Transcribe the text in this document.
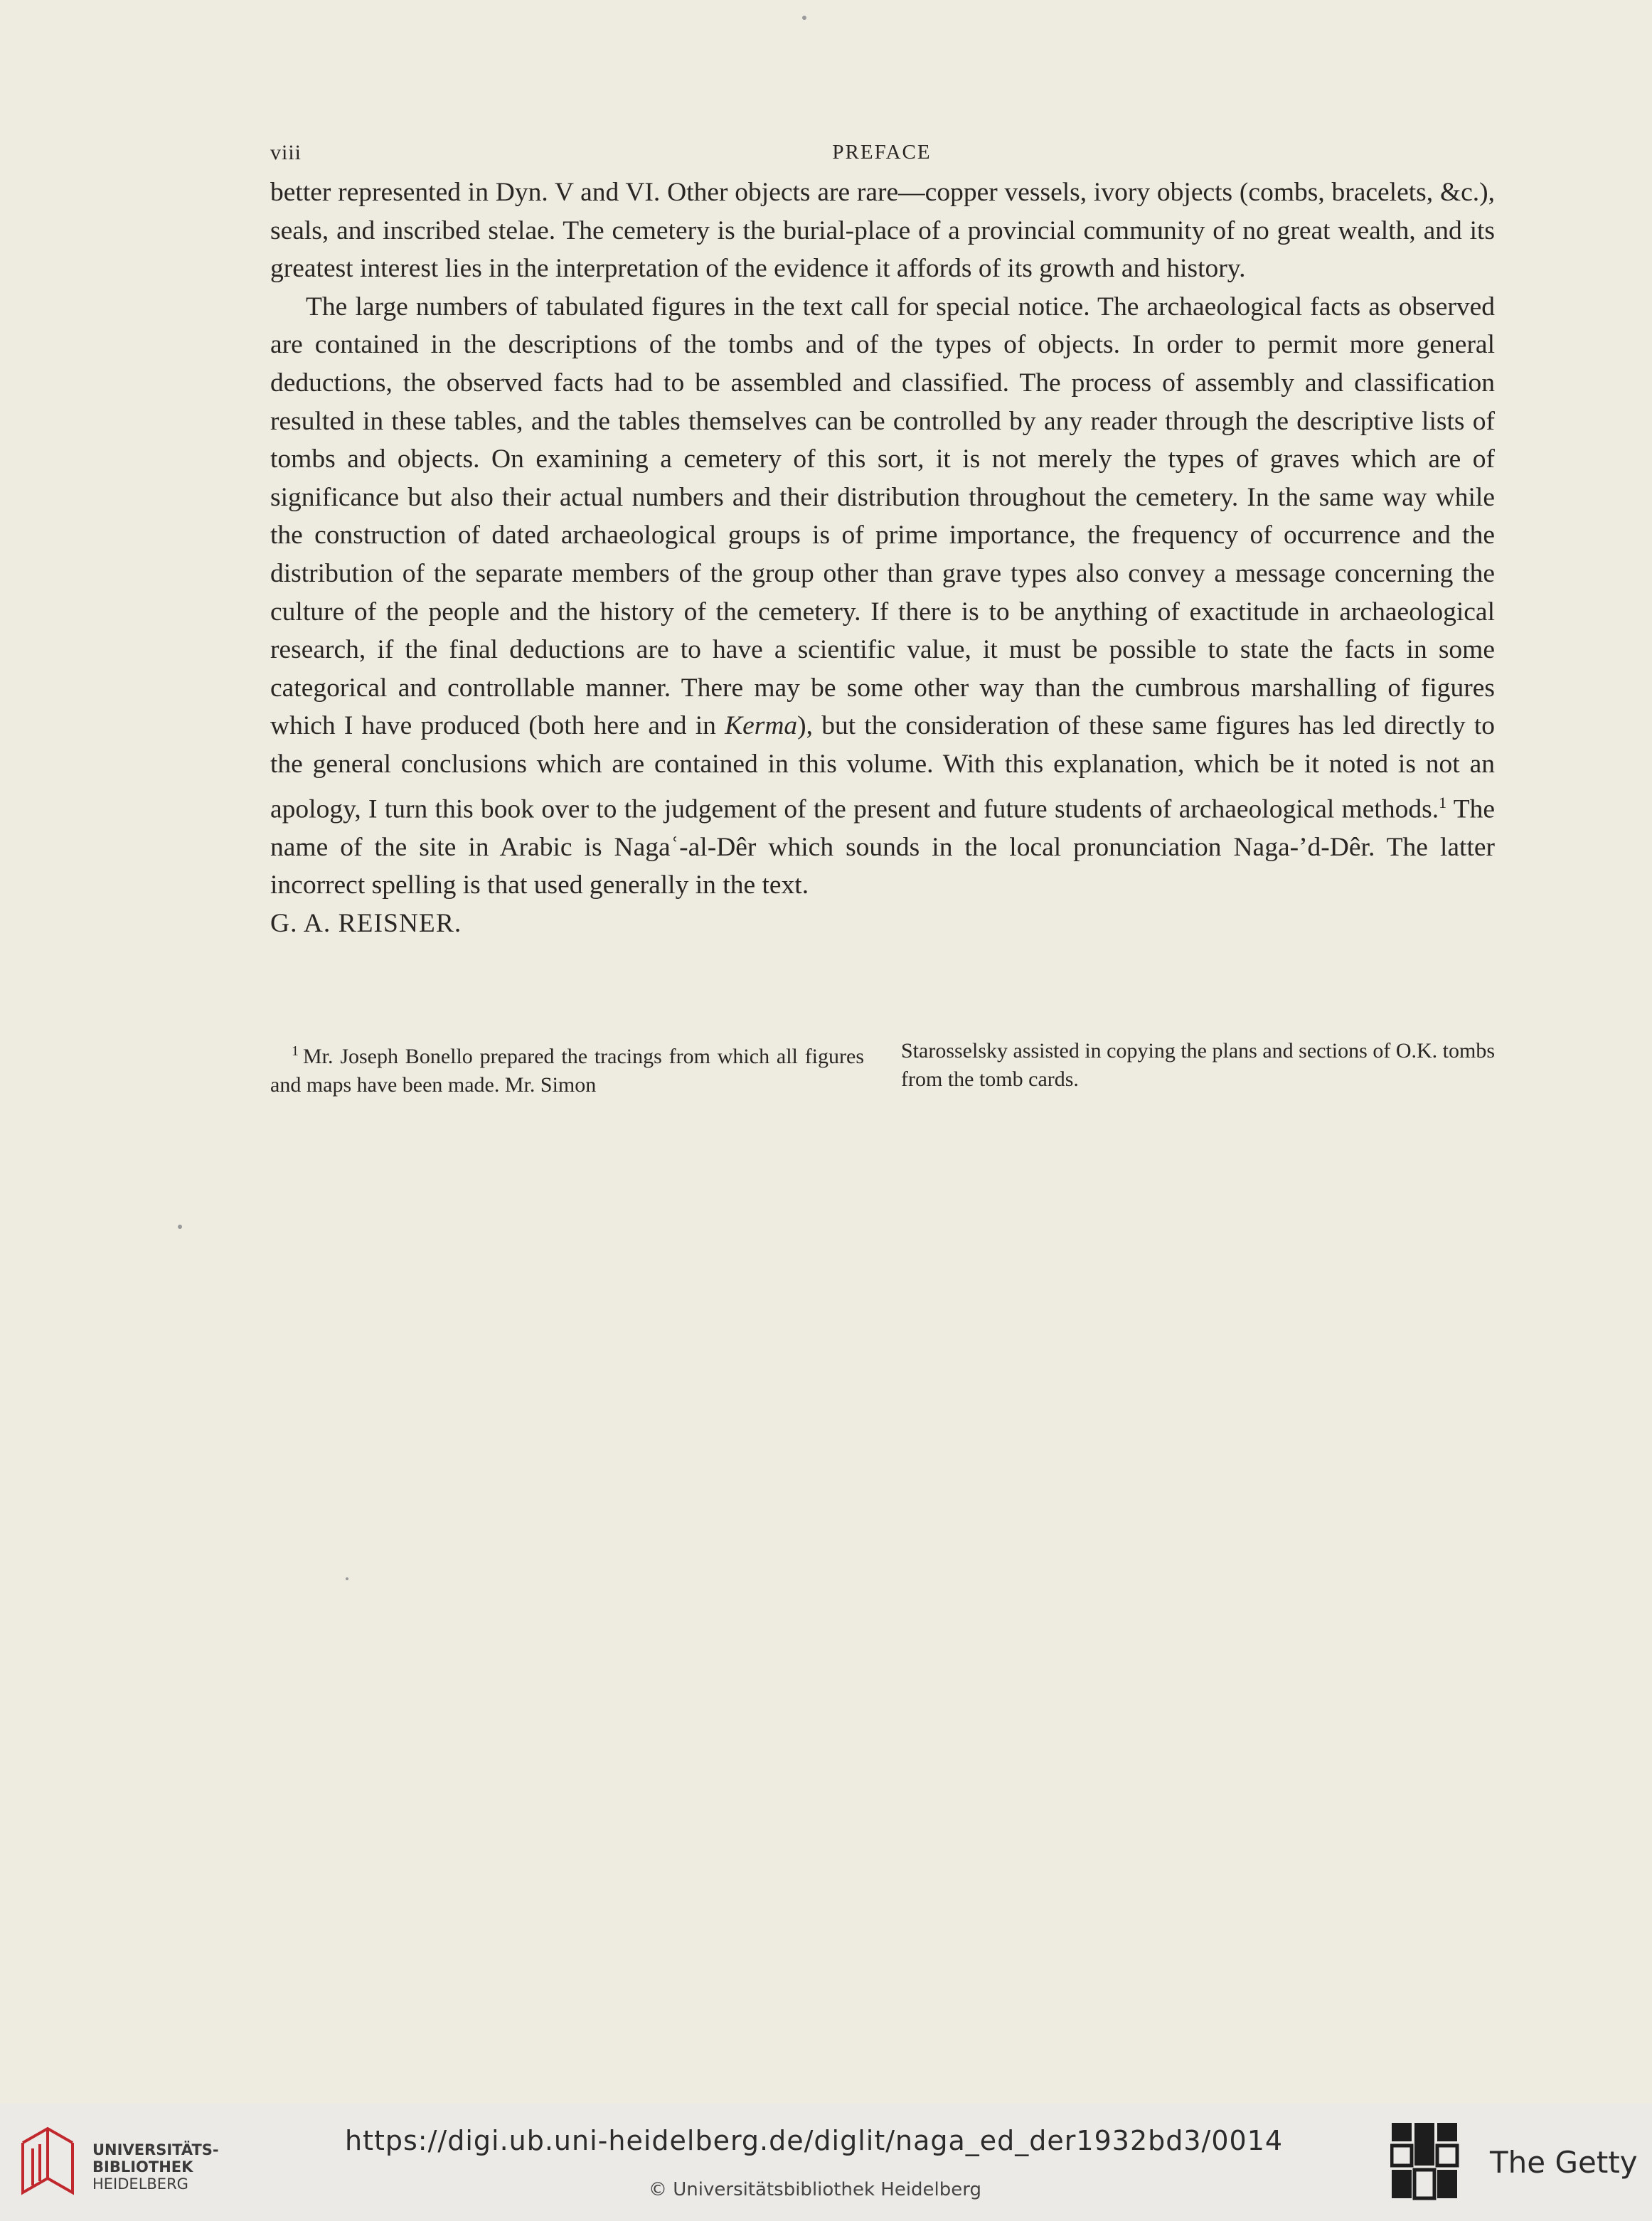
viii	PREFACE

better represented in Dyn. V and VI. Other objects are rare—copper vessels, ivory objects (combs, bracelets, &c.), seals, and inscribed stelae. The cemetery is the burial-place of a provincial community of no great wealth, and its greatest interest lies in the interpretation of the evidence it affords of its growth and history.

The large numbers of tabulated figures in the text call for special notice. The archaeological facts as observed are contained in the descriptions of the tombs and of the types of objects. In order to permit more general deductions, the observed facts had to be assembled and classified. The process of assembly and classification resulted in these tables, and the tables themselves can be controlled by any reader through the descriptive lists of tombs and objects. On examining a cemetery of this sort, it is not merely the types of graves which are of significance but also their actual numbers and their distribution throughout the cemetery. In the same way while the construction of dated archaeological groups is of prime importance, the frequency of occurrence and the distribution of the separate members of the group other than grave types also convey a message concerning the culture of the people and the history of the cemetery. If there is to be anything of exactitude in archaeological research, if the final deductions are to have a scientific value, it must be possible to state the facts in some categorical and controllable manner. There may be some other way than the cumbrous marshalling of figures which I have produced (both here and in Kerma), but the consideration of these same figures has led directly to the general conclusions which are contained in this volume. With this explanation, which be it noted is not an apology, I turn this book over to the judgement of the present and future students of archaeological methods.$^1$ The name of the site in Arabic is Nagaʿ-al-Dêr which sounds in the local pronunciation Naga-’d-Dêr. The latter incorrect spelling is that used generally in the text.

G. A. REISNER.

$^1$ Mr. Joseph Bonello prepared the tracings from which all figures and maps have been made. Mr. Simon

Starosselsky assisted in copying the plans and sections of O.K. tombs from the tomb cards.

UNIVERSITÄTS-
BIBLIOTHEK
HEIDELBERG
https://digi.ub.uni-heidelberg.de/diglit/naga_ed_der1932bd3/0014
© Universitätsbibliothek Heidelberg
The Getty
